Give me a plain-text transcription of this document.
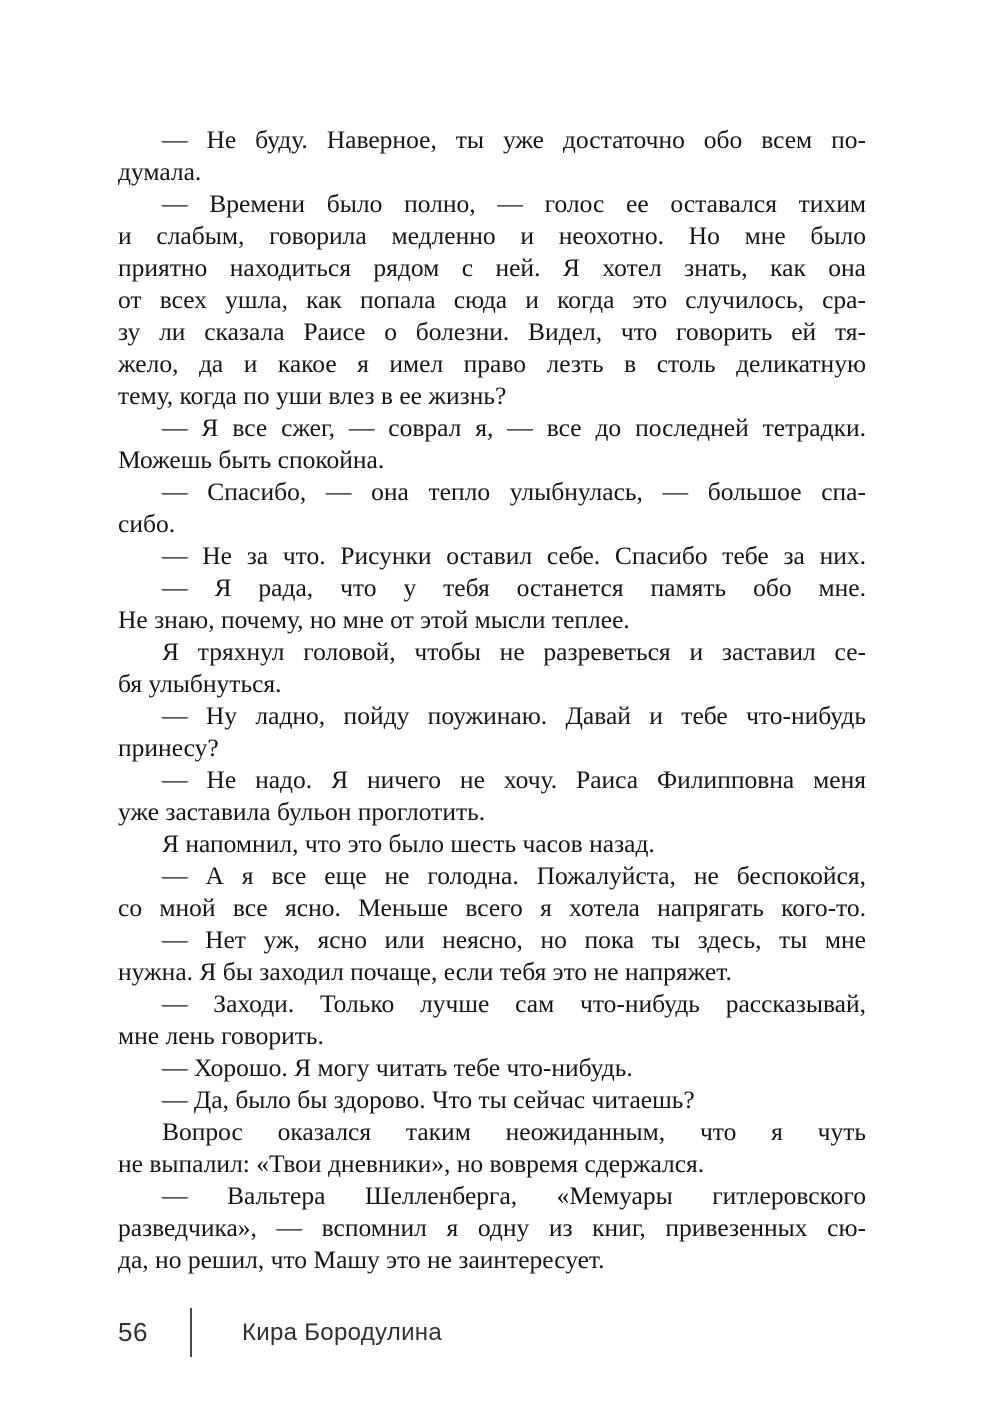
— Не буду. Наверное, ты уже достаточно обо всем по-
думала.
— Времени было полно, — голос ее оставался тихим
и слабым, говорила медленно и неохотно. Но мне было
приятно находиться рядом с ней. Я хотел знать, как она
от всех ушла, как попала сюда и когда это случилось, сра-
зу ли сказала Раисе о болезни. Видел, что говорить ей тя-
жело, да и какое я имел право лезть в столь деликатную
тему, когда по уши влез в ее жизнь?
— Я все сжег, — соврал я, — все до последней тетрадки.
Можешь быть спокойна.
— Спасибо, — она тепло улыбнулась, — большое спа-
сибо.
— Не за что. Рисунки оставил себе. Спасибо тебе за них.
— Я рада, что у тебя останется память обо мне.
Не знаю, почему, но мне от этой мысли теплее.
Я тряхнул головой, чтобы не разреветься и заставил се-
бя улыбнуться.
— Ну ладно, пойду поужинаю. Давай и тебе что-нибудь
принесу?
— Не надо. Я ничего не хочу. Раиса Филипповна меня
уже заставила бульон проглотить.
Я напомнил, что это было шесть часов назад.
— А я все еще не голодна. Пожалуйста, не беспокойся,
со мной все ясно. Меньше всего я хотела напрягать кого-то.
— Нет уж, ясно или неясно, но пока ты здесь, ты мне
нужна. Я бы заходил почаще, если тебя это не напряжет.
— Заходи. Только лучше сам что-нибудь рассказывай,
мне лень говорить.
— Хорошо. Я могу читать тебе что-нибудь.
— Да, было бы здорово. Что ты сейчас читаешь?
Вопрос оказался таким неожиданным, что я чуть
не выпалил: «Твои дневники», но вовремя сдержался.
— Вальтера Шелленберга, «Мемуары гитлеровского
разведчика», — вспомнил я одну из книг, привезенных сю-
да, но решил, что Машу это не заинтересует.
56	Кира Бородулина
